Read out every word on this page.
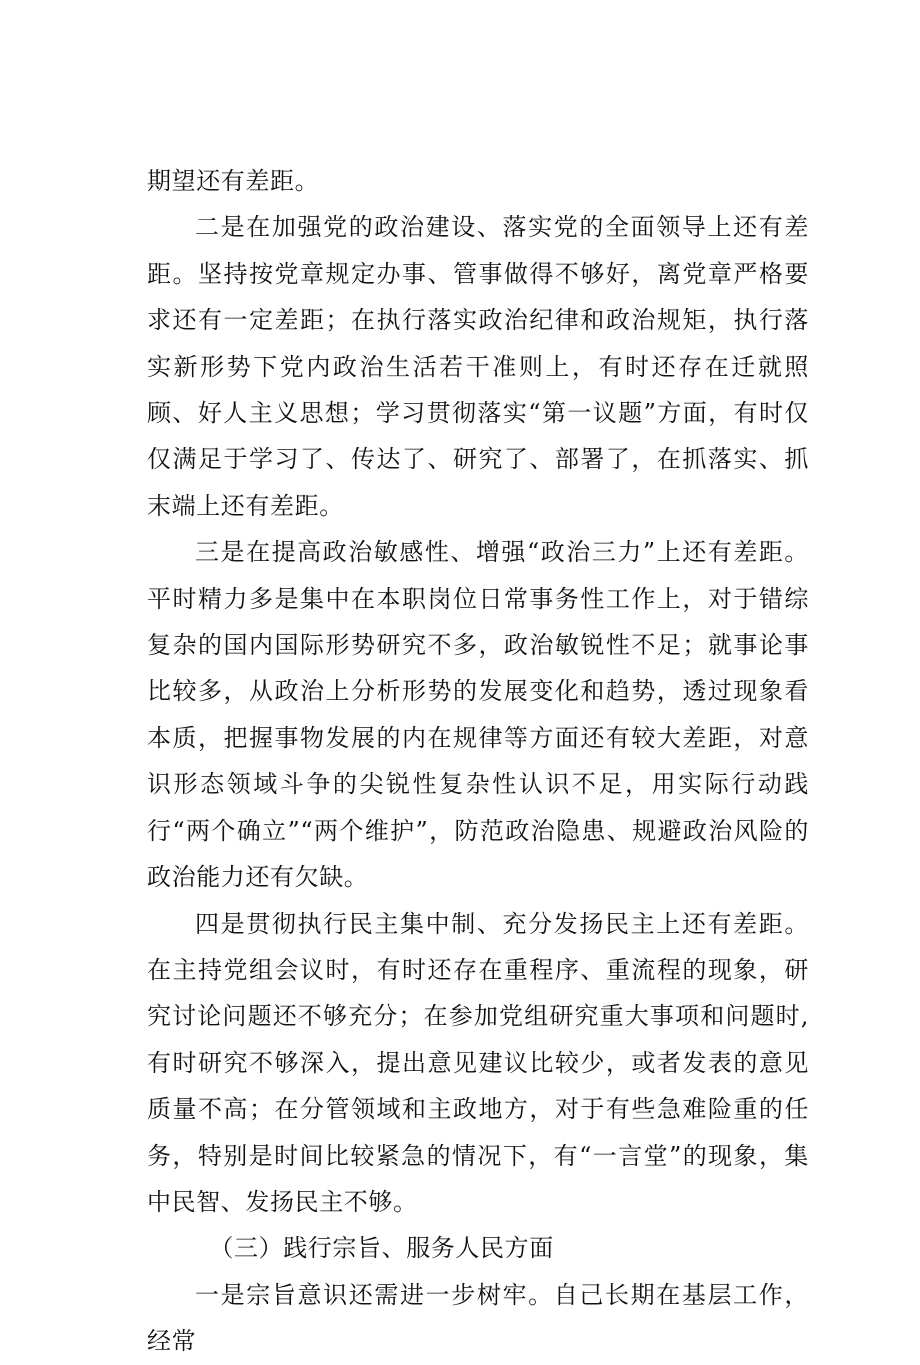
期望还有差距。

二是在加强党的政治建设、落实党的全面领导上还有差距。坚持按党章规定办事、管事做得不够好，离党章严格要求还有一定差距；在执行落实政治纪律和政治规矩，执行落实新形势下党内政治生活若干准则上，有时还存在迁就照顾、好人主义思想；学习贯彻落实“第一议题”方面，有时仅仅满足于学习了、传达了、研究了、部署了，在抓落实、抓末端上还有差距。

三是在提高政治敏感性、增强“政治三力”上还有差距。平时精力多是集中在本职岗位日常事务性工作上，对于错综复杂的国内国际形势研究不多，政治敏锐性不足；就事论事比较多，从政治上分析形势的发展变化和趋势，透过现象看本质，把握事物发展的内在规律等方面还有较大差距，对意识形态领域斗争的尖锐性复杂性认识不足，用实际行动践行“两个确立”“两个维护”，防范政治隐患、规避政治风险的政治能力还有欠缺。

四是贯彻执行民主集中制、充分发扬民主上还有差距。在主持党组会议时，有时还存在重程序、重流程的现象，研究讨论问题还不够充分；在参加党组研究重大事项和问题时,有时研究不够深入，提出意见建议比较少，或者发表的意见质量不高；在分管领域和主政地方，对于有些急难险重的任务，特别是时间比较紧急的情况下，有“一言堂”的现象，集中民智、发扬民主不够。

（三）践行宗旨、服务人民方面

一是宗旨意识还需进一步树牢。自己长期在基层工作，经常
